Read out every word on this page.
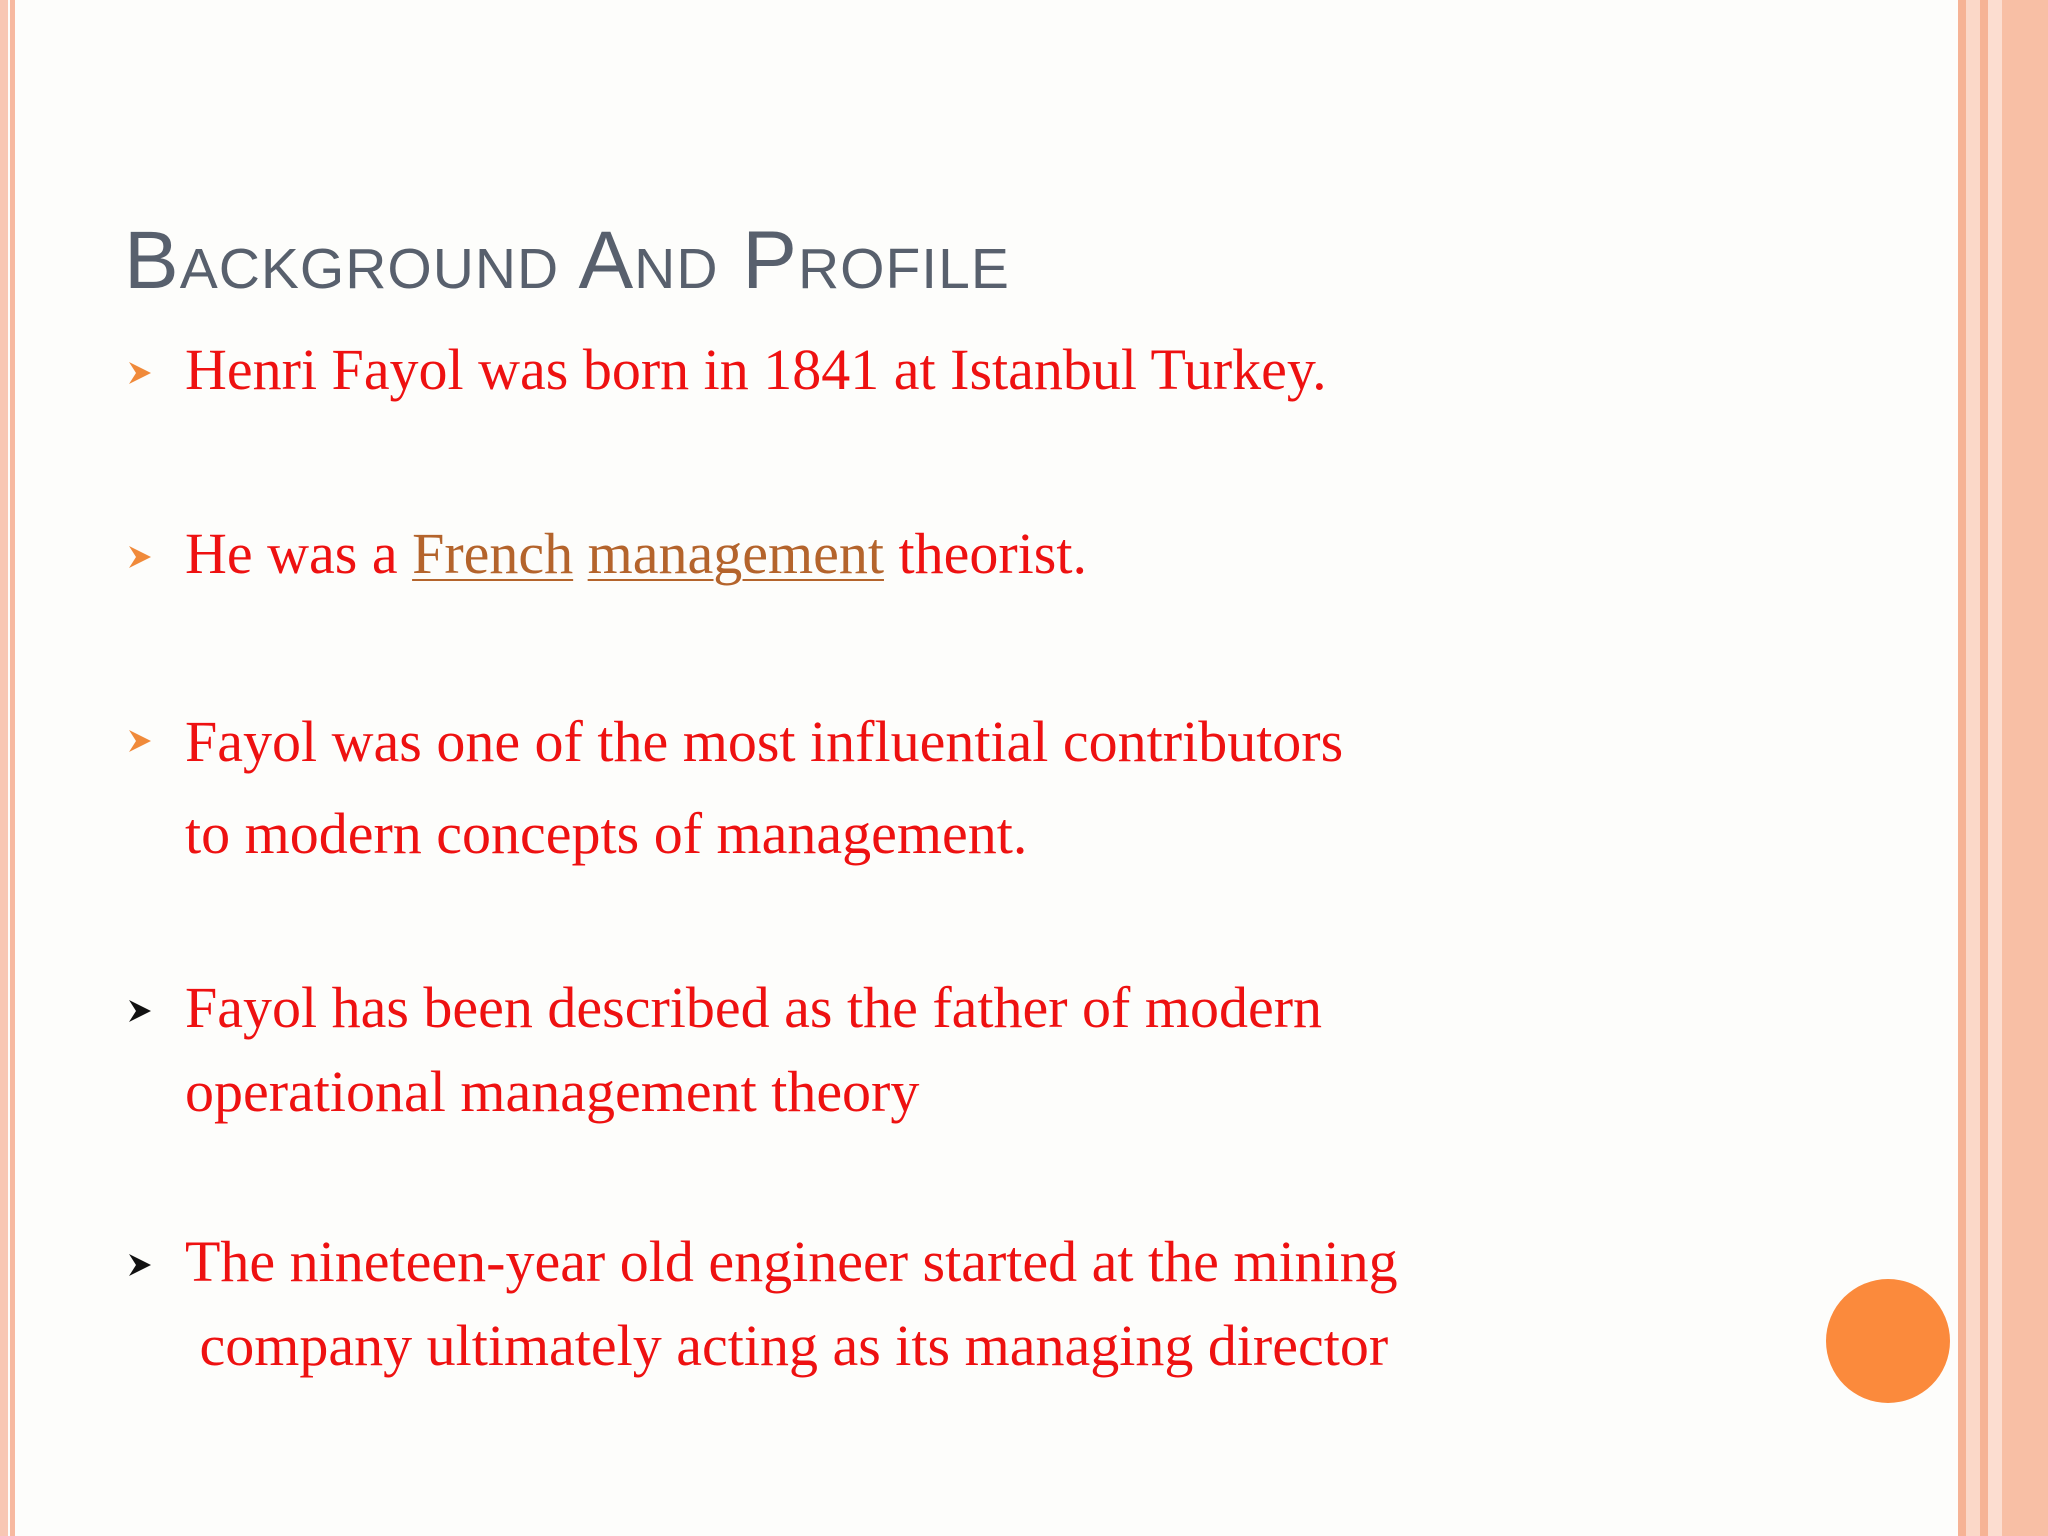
Background And Profile
Henri Fayol was born in 1841 at Istanbul Turkey.
He was a French management theorist.
Fayol was one of the most influential contributors
to modern concepts of management.
Fayol has been described as the father of modern
operational management theory
The nineteen-year old engineer started at the mining
company ultimately acting as its managing director
